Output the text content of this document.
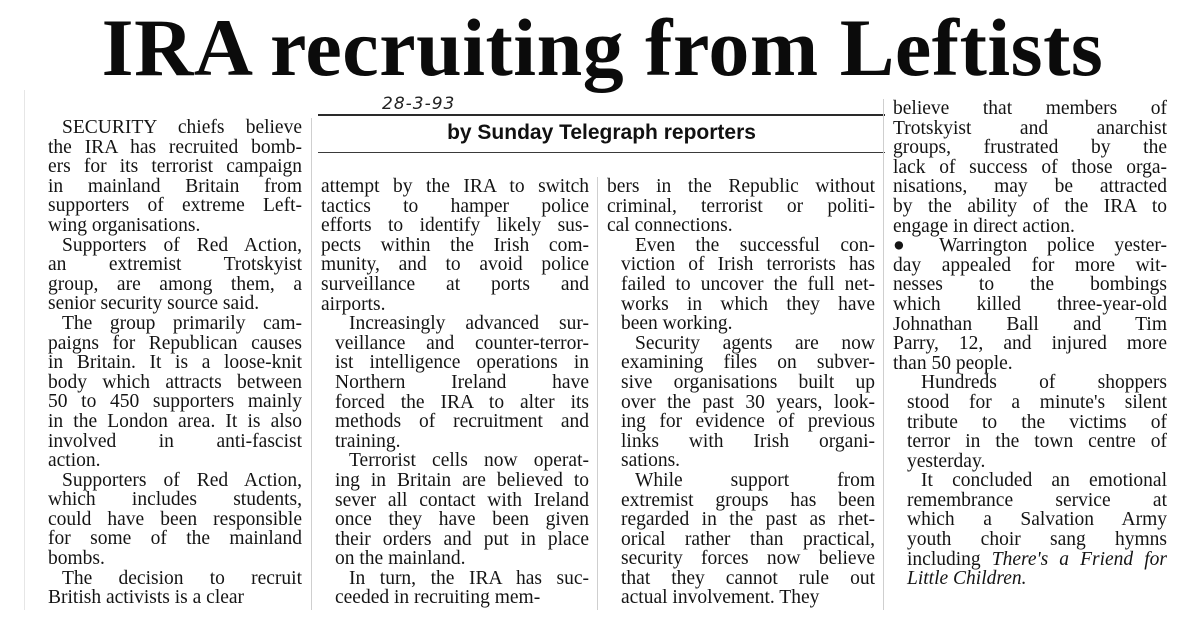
IRA recruiting from Leftists
28-3-93
by Sunday Telegraph reporters

SECURITY chiefs believe
the IRA has recruited bomb-
ers for its terrorist campaign
in mainland Britain from
supporters of extreme Left-
wing organisations.

Supporters of Red Action,
an extremist Trotskyist
group, are among them, a
senior security source said.

The group primarily cam-
paigns for Republican causes
in Britain. It is a loose-knit
body which attracts between
50 to 450 supporters mainly
in the London area. It is also
involved in anti-fascist
action.

Supporters of Red Action,
which includes students,
could have been responsible
for some of the mainland
bombs.

The decision to recruit
British activists is a clear

attempt by the IRA to switch
tactics to hamper police
efforts to identify likely sus-
pects within the Irish com-
munity, and to avoid police
surveillance at ports and
airports.

Increasingly advanced sur-
veillance and counter-terror-
ist intelligence operations in
Northern Ireland have
forced the IRA to alter its
methods of recruitment and
training.

Terrorist cells now operat-
ing in Britain are believed to
sever all contact with Ireland
once they have been given
their orders and put in place
on the mainland.

In turn, the IRA has suc-
ceeded in recruiting mem-

bers in the Republic without
criminal, terrorist or politi-
cal connections.

Even the successful con-
viction of Irish terrorists has
failed to uncover the full net-
works in which they have
been working.

Security agents are now
examining files on subver-
sive organisations built up
over the past 30 years, look-
ing for evidence of previous
links with Irish organi-
sations.

While support from
extremist groups has been
regarded in the past as rhet-
orical rather than practical,
security forces now believe
that they cannot rule out
actual involvement. They

believe that members of
Trotskyist and anarchist
groups, frustrated by the
lack of success of those orga-
nisations, may be attracted
by the ability of the IRA to
engage in direct action.

● Warrington police yester-
day appealed for more wit-
nesses to the bombings
which killed three-year-old
Johnathan Ball and Tim
Parry, 12, and injured more
than 50 people.

Hundreds of shoppers
stood for a minute's silent
tribute to the victims of
terror in the town centre of
yesterday.

It concluded an emotional
remembrance service at
which a Salvation Army
youth choir sang hymns
including There's a Friend for
Little Children.
